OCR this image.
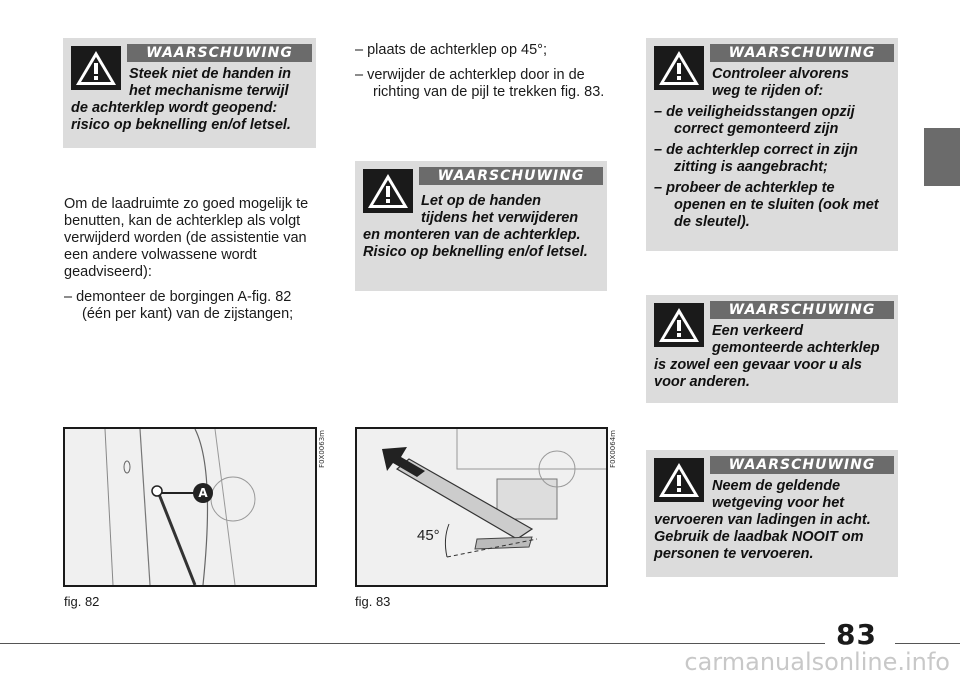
WAARSCHUWING
Steek niet de handen in
het mechanisme terwijl
de achterklep wordt geopend: risico op beknelling en/of letsel.
Om de laadruimte zo goed mogelijk te benutten, kan de achterklep als volgt verwijderd worden (de assistentie van een andere volwassene wordt geadviseerd):
– demonteer de borgingen A-fig. 82 (één per kant) van de zijstangen;
– plaats de achterklep op 45°;
– verwijder de achterklep door in de richting van de pijl te trekken fig. 83.
WAARSCHUWING
Let op de handen
tijdens het verwijderen
en monteren van de achterklep. Risico op beknelling en/of letsel.
WAARSCHUWING
Controleer alvorens
weg te rijden of:
– de veiligheidsstangen opzij correct gemonteerd zijn
– de achterklep correct in zijn zitting is aangebracht;
– probeer de achterklep te openen en te sluiten (ook met de sleutel).
WAARSCHUWING
Een verkeerd
gemonteerde achterklep
is zowel een gevaar voor u als voor anderen.
WAARSCHUWING
Neem de geldende
wetgeving voor het
vervoeren van ladingen in acht. Gebruik de laadbak NOOIT om personen te vervoeren.
A
F0X0063m
fig. 82
45°
F0X0064m
fig. 83
83
carmanualsonline.info
